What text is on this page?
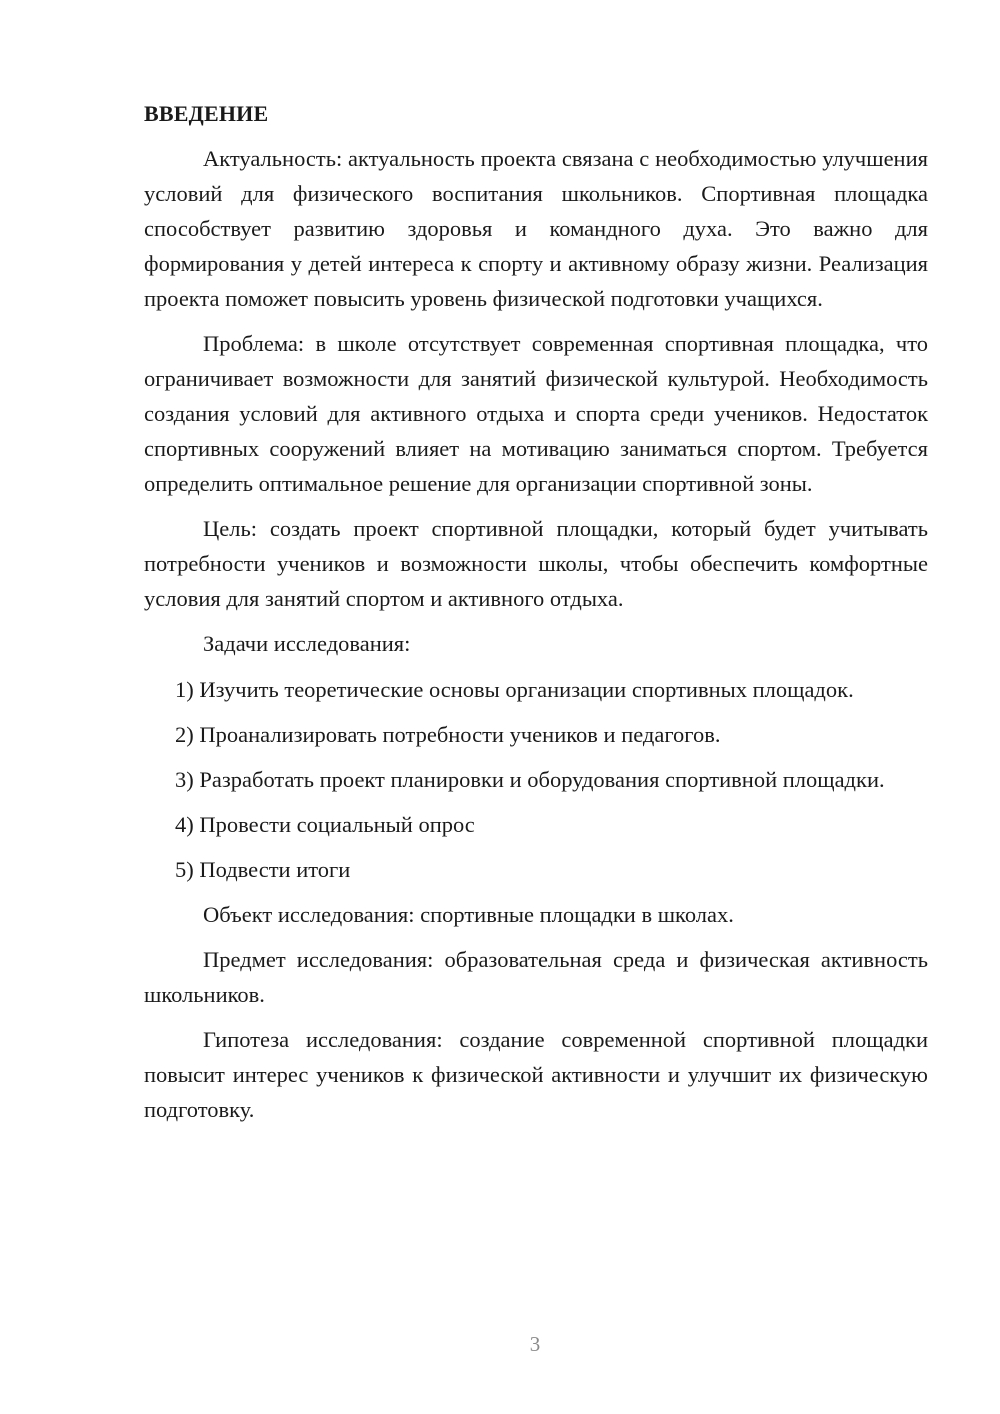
ВВЕДЕНИЕ

Актуальность: актуальность проекта связана с необходимостью улучшения условий для физического воспитания школьников. Спортивная площадка способствует развитию здоровья и командного духа. Это важно для формирования у детей интереса к спорту и активному образу жизни. Реализация проекта поможет повысить уровень физической подготовки учащихся.

Проблема: в школе отсутствует современная спортивная площадка, что ограничивает возможности для занятий физической культурой. Необходимость создания условий для активного отдыха и спорта среди учеников. Недостаток спортивных сооружений влияет на мотивацию заниматься спортом. Требуется определить оптимальное решение для организации спортивной зоны.

Цель: создать проект спортивной площадки, который будет учитывать потребности учеников и возможности школы, чтобы обеспечить комфортные условия для занятий спортом и активного отдыха.

Задачи исследования:

1) Изучить теоретические основы организации спортивных площадок.

2) Проанализировать потребности учеников и педагогов.

3) Разработать проект планировки и оборудования спортивной площадки.

4) Провести социальный опрос

5) Подвести итоги

Объект исследования: спортивные площадки в школах.

Предмет исследования: образовательная среда и физическая активность школьников.

Гипотеза исследования: создание современной спортивной площадки повысит интерес учеников к физической активности и улучшит их физическую подготовку.

3
